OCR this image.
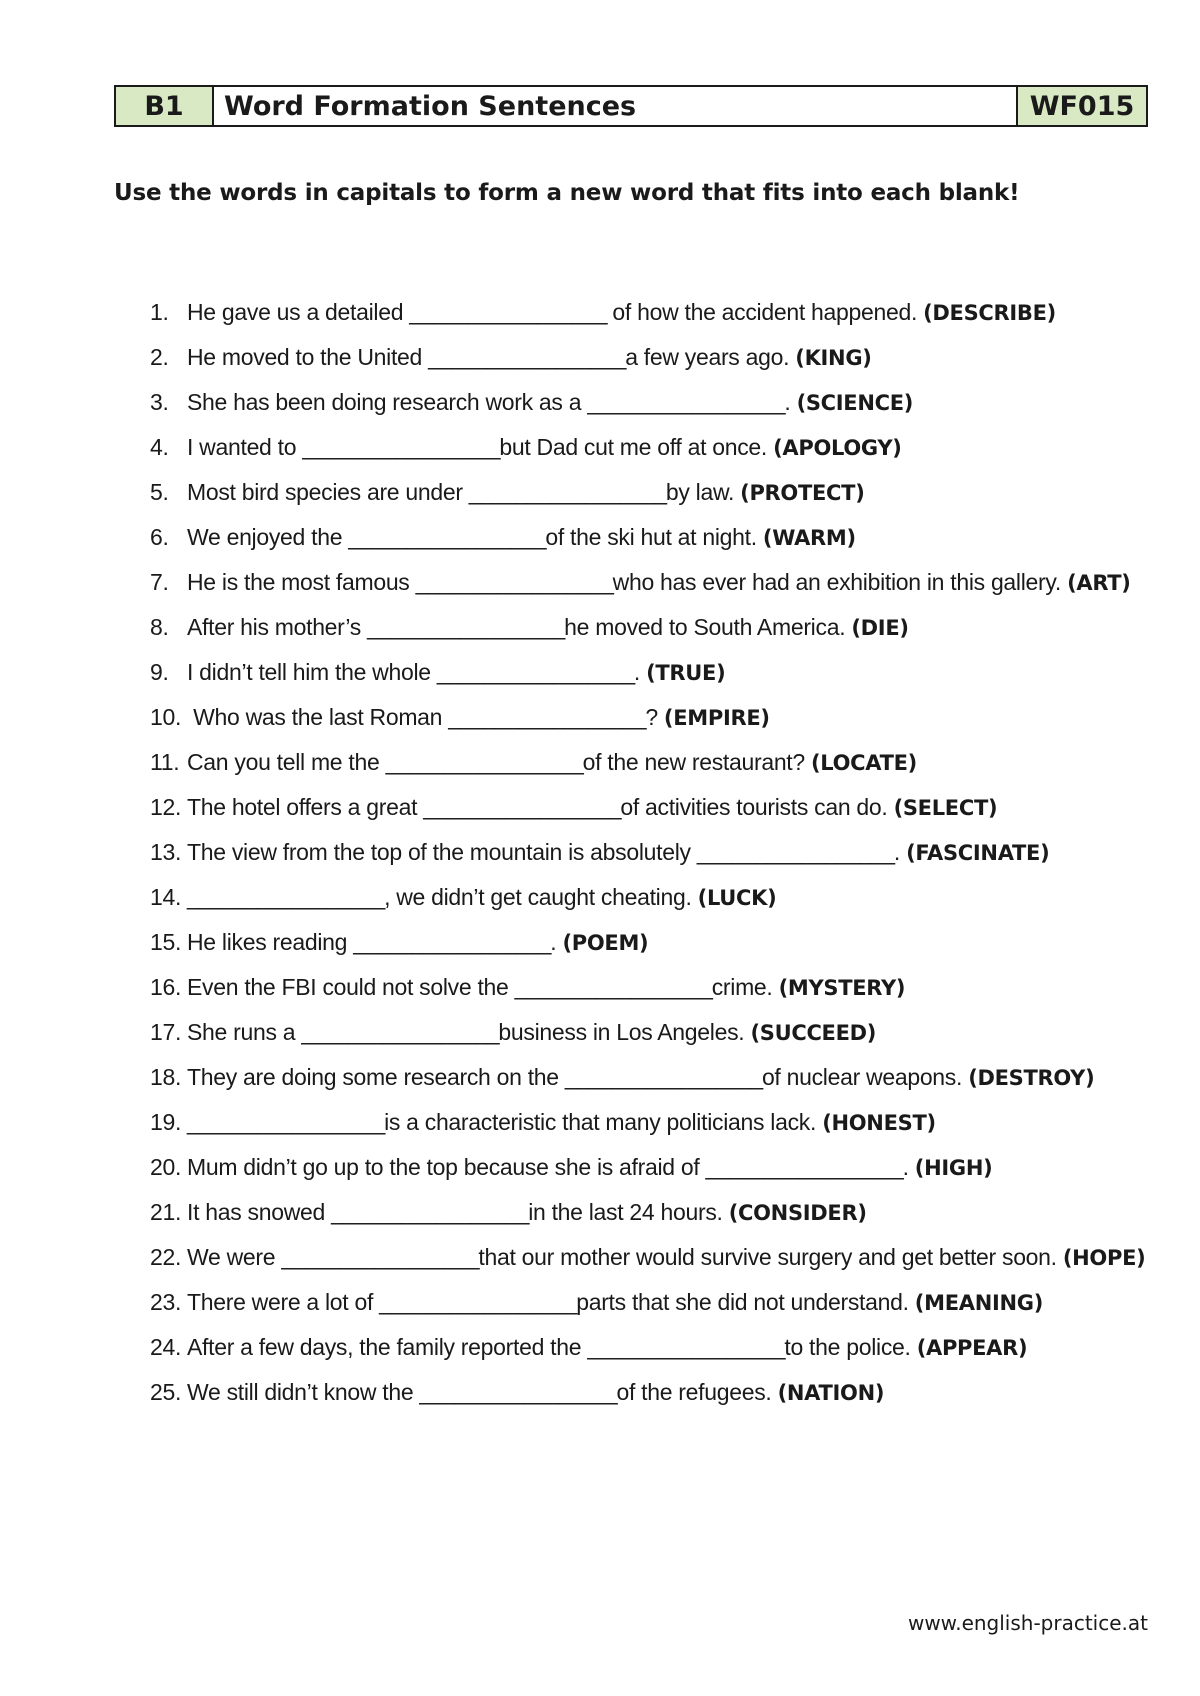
B1	Word Formation Sentences	WF015
Use the words in capitals to form a new word that fits into each blank!
1. He gave us a detailed _________________ of how the accident happened. (DESCRIBE)
2. He moved to the United _________________a few years ago. (KING)
3. She has been doing research work as a _________________. (SCIENCE)
4. I wanted to _________________but Dad cut me off at once. (APOLOGY)
5. Most bird species are under _________________by law. (PROTECT)
6. We enjoyed the _________________of the ski hut at night. (WARM)
7. He is the most famous _________________who has ever had an exhibition in this gallery. (ART)
8. After his mother’s _________________he moved to South America. (DIE)
9. I didn’t tell him the whole _________________. (TRUE)
10. Who was the last Roman _________________? (EMPIRE)
11. Can you tell me the _________________of the new restaurant? (LOCATE)
12. The hotel offers a great _________________of activities tourists can do. (SELECT)
13. The view from the top of the mountain is absolutely _________________. (FASCINATE)
14. _________________, we didn’t get caught cheating. (LUCK)
15. He likes reading _________________. (POEM)
16. Even the FBI could not solve the _________________crime. (MYSTERY)
17. She runs a _________________business in Los Angeles. (SUCCEED)
18. They are doing some research on the _________________of nuclear weapons. (DESTROY)
19. _________________is a characteristic that many politicians lack. (HONEST)
20. Mum didn’t go up to the top because she is afraid of _________________. (HIGH)
21. It has snowed _________________in the last 24 hours. (CONSIDER)
22. We were _________________that our mother would survive surgery and get better soon. (HOPE)
23. There were a lot of _________________parts that she did not understand. (MEANING)
24. After a few days, the family reported the _________________to the police. (APPEAR)
25. We still didn’t know the _________________of the refugees. (NATION)
www.english-practice.at
